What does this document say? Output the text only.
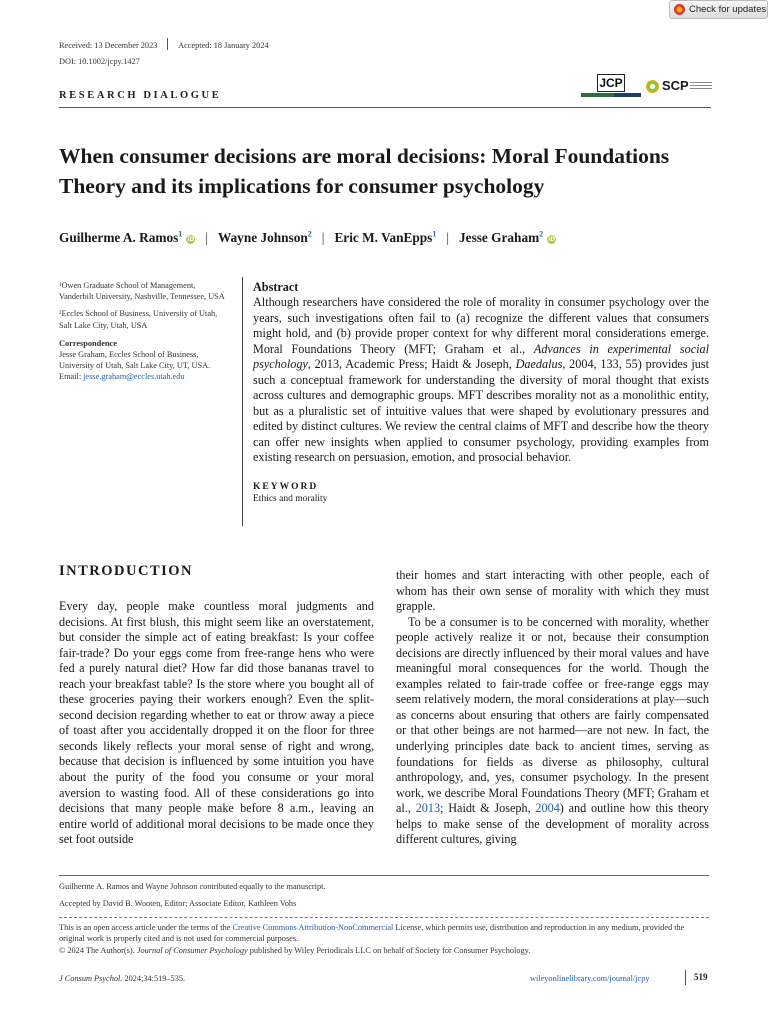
Check for updates
Received: 13 December 2023 Accepted: 18 January 2024
DOI: 10.1002/jcpy.1427
RESEARCH DIALOGUE
JCP	SCP
When consumer decisions are moral decisions: Moral Foundations Theory and its implications for consumer psychology
Guilherme A. Ramos$^1$iD | Wayne Johnson$^2$ | Eric M. VanEpps$^1$ | Jesse Graham$^2$iD
¹Owen Graduate School of Management, Vanderbilt University, Nashville, Tennessee, USA
²Eccles School of Business, University of Utah, Salt Lake City, Utah, USA
Correspondence
Jesse Graham, Eccles School of Business, University of Utah, Salt Lake City, UT, USA.
Email: jesse.graham@eccles.utah.edu
Abstract
Although researchers have considered the role of morality in consumer psychology over the years, such investigations often fail to (a) recognize the different values that consumers might hold, and (b) provide proper context for why different moral considerations emerge. Moral Foundations Theory (MFT; Graham et al., Advances in experimental social psychology, 2013, Academic Press; Haidt & Joseph, Daedalus, 2004, 133, 55) provides just such a conceptual framework for understanding the diversity of moral thought that exists across cultures and demographic groups. MFT describes morality not as a monolithic entity, but as a pluralistic set of intuitive values that were shaped by evolutionary pressures and edited by distinct cultures. We review the central claims of MFT and describe how the theory can offer new insights when applied to consumer psychology, providing examples from existing research on persuasion, emotion, and prosocial behavior.
KEYWORD
Ethics and morality
INTRODUCTION

Every day, people make countless moral judgments and decisions. At first blush, this might seem like an overstatement, but consider the simple act of eating breakfast: Is your coffee fair-trade? Do your eggs come from free-range hens who were fed a purely natural diet? How far did those bananas travel to reach your breakfast table? Is the store where you bought all of these groceries paying their workers enough? Even the split-second decision regarding whether to eat or throw away a piece of toast after you accidentally dropped it on the floor for three seconds likely reflects your moral sense of right and wrong, because that decision is influenced by some intuition you have about the purity of the food you consume or your moral aversion to wasting food. All of these considerations go into decisions that many people make before 8 a.m., leaving an entire world of additional moral decisions to be made once they set foot outside

their homes and start interacting with other people, each of whom has their own sense of morality with which they must grapple.

To be a consumer is to be concerned with morality, whether people actively realize it or not, because their consumption decisions are directly influenced by their moral values and have meaningful moral consequences for the world. Though the examples related to fair-trade coffee or free-range eggs may seem relatively modern, the moral considerations at play—such as concerns about ensuring that others are fairly compensated or that other beings are not harmed—are not new. In fact, the underlying principles date back to ancient times, serving as foundations for fields as diverse as philosophy, cultural anthropology, and, yes, consumer psychology. In the present work, we describe Moral Foundations Theory (MFT; Graham et al., 2013; Haidt & Joseph, 2004) and outline how this theory helps to make sense of the development of morality across different cultures, giving

Guilherme A. Ramos and Wayne Johnson contributed equally to the manuscript.
Accepted by David B. Wooten, Editor; Associate Editor, Kathleen Vohs
This is an open access article under the terms of the Creative Commons Attribution-NonCommercial License, which permits use, distribution and reproduction in any medium, provided the original work is properly cited and is not used for commercial purposes.
© 2024 The Author(s). Journal of Consumer Psychology published by Wiley Periodicals LLC on behalf of Society for Consumer Psychology.
J Consum Psychol. 2024;34:519–535.	wileyonlinelibrary.com/journal/jcpy	519
